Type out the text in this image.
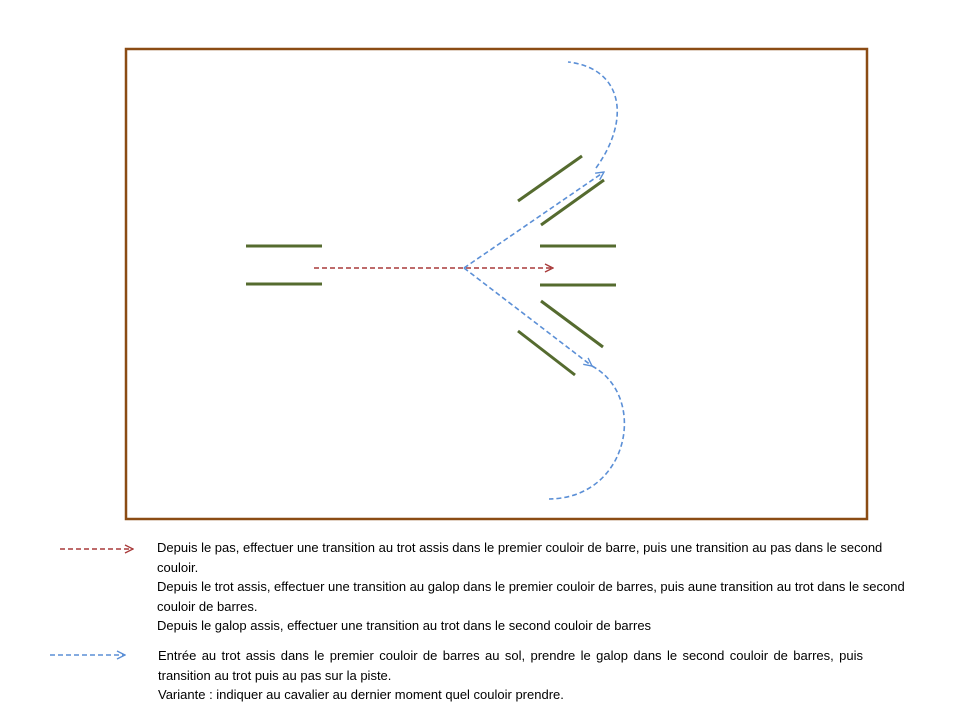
Depuis le pas, effectuer une transition au trot assis dans le premier couloir de barre, puis une transition au pas dans le second couloir.

Depuis le trot assis, effectuer une transition au galop dans le premier couloir de barres, puis aune transition au trot dans le second couloir de barres.

Depuis le galop assis, effectuer une transition au trot dans le second couloir de barres

Entrée au trot assis dans le premier couloir de barres au sol, prendre le galop dans le second couloir de barres, puis transition au trot puis au pas sur la piste.

Variante : indiquer au cavalier au dernier moment quel couloir prendre.
